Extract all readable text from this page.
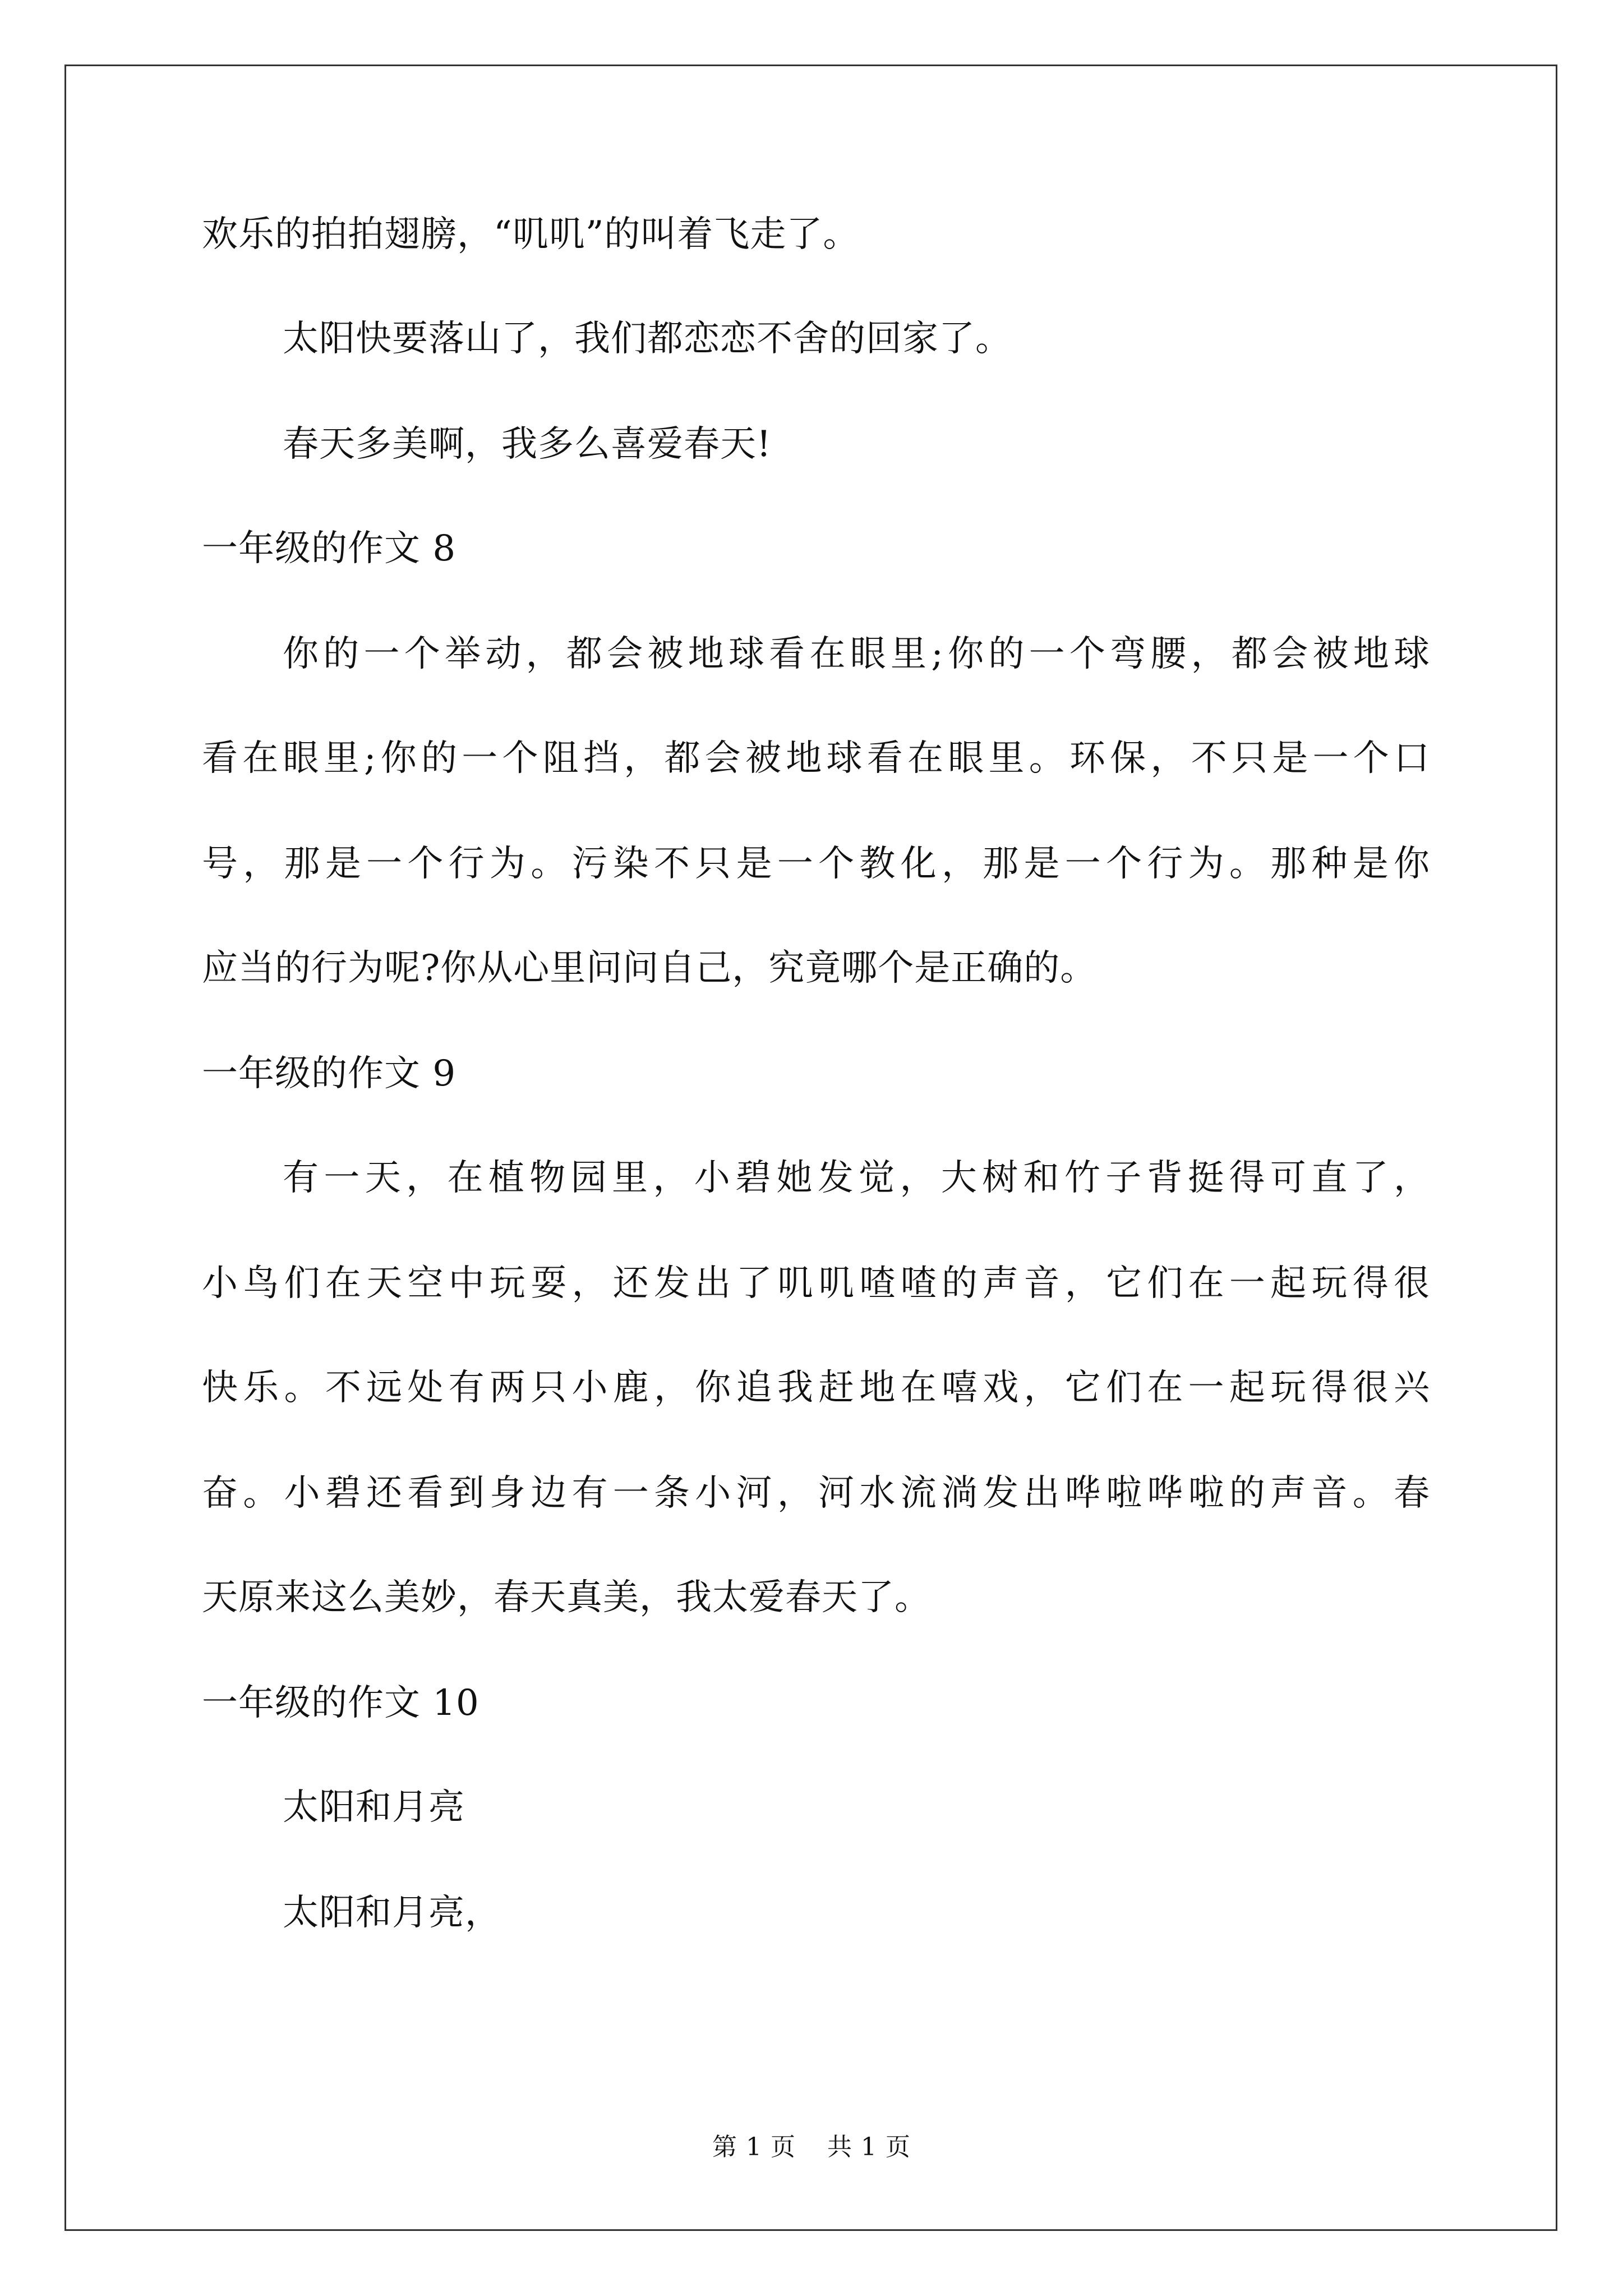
欢乐的拍拍翅膀，“叽叽”的叫着飞走了。
太阳快要落山了，我们都恋恋不舍的回家了。
春天多美啊，我多么喜爱春天!
一年级的作文 8
你的一个举动，都会被地球看在眼里;你的一个弯腰，都会被地球
看在眼里;你的一个阻挡，都会被地球看在眼里。环保，不只是一个口
号，那是一个行为。污染不只是一个教化，那是一个行为。那种是你
应当的行为呢?你从心里问问自己，究竟哪个是正确的。
一年级的作文 9
有一天，在植物园里，小碧她发觉，大树和竹子背挺得可直了，
小鸟们在天空中玩耍，还发出了叽叽喳喳的声音，它们在一起玩得很
快乐。不远处有两只小鹿，你追我赶地在嘻戏，它们在一起玩得很兴
奋。小碧还看到身边有一条小河，河水流淌发出哗啦哗啦的声音。春
天原来这么美妙，春天真美，我太爱春天了。
一年级的作文 10
太阳和月亮
太阳和月亮，
第 1 页 共 1 页
